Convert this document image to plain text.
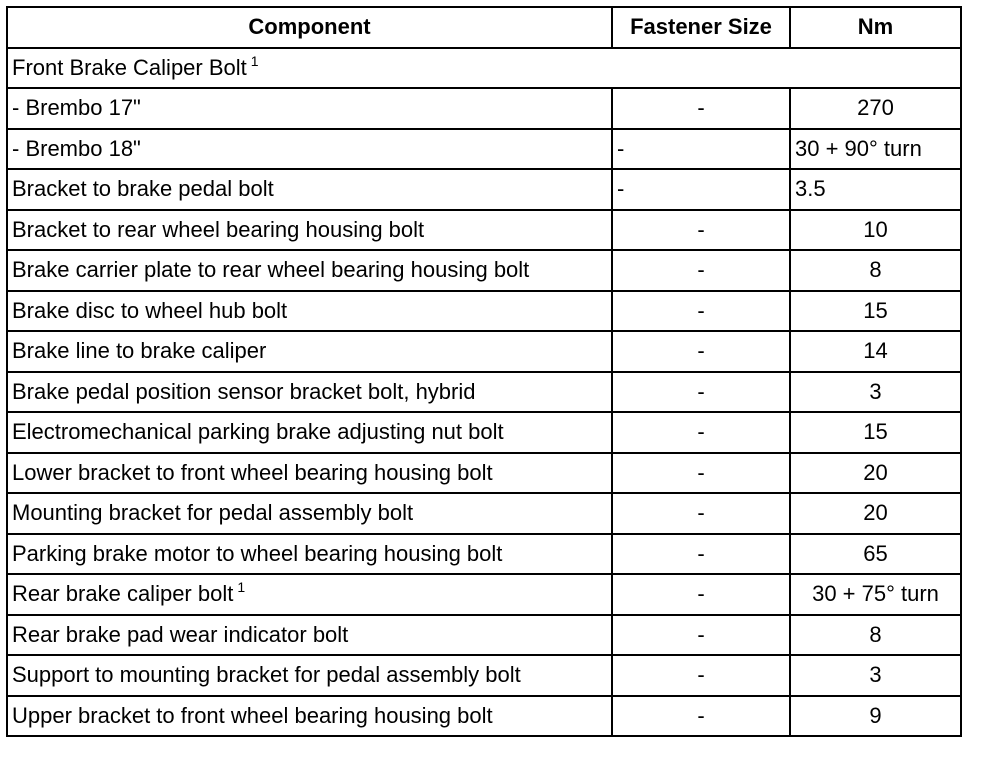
Component	Fastener Size	Nm
Front Brake Caliper Bolt $^1$
- Brembo 17"	-	270
- Brembo 18"	-	30 + 90° turn
Bracket to brake pedal bolt	-	3.5
Bracket to rear wheel bearing housing bolt	-	10
Brake carrier plate to rear wheel bearing housing bolt	-	8
Brake disc to wheel hub bolt	-	15
Brake line to brake caliper	-	14
Brake pedal position sensor bracket bolt, hybrid	-	3
Electromechanical parking brake adjusting nut bolt	-	15
Lower bracket to front wheel bearing housing bolt	-	20
Mounting bracket for pedal assembly bolt	-	20
Parking brake motor to wheel bearing housing bolt	-	65
Rear brake caliper bolt $^1$	-	30 + 75° turn
Rear brake pad wear indicator bolt	-	8
Support to mounting bracket for pedal assembly bolt	-	3
Upper bracket to front wheel bearing housing bolt	-	9
